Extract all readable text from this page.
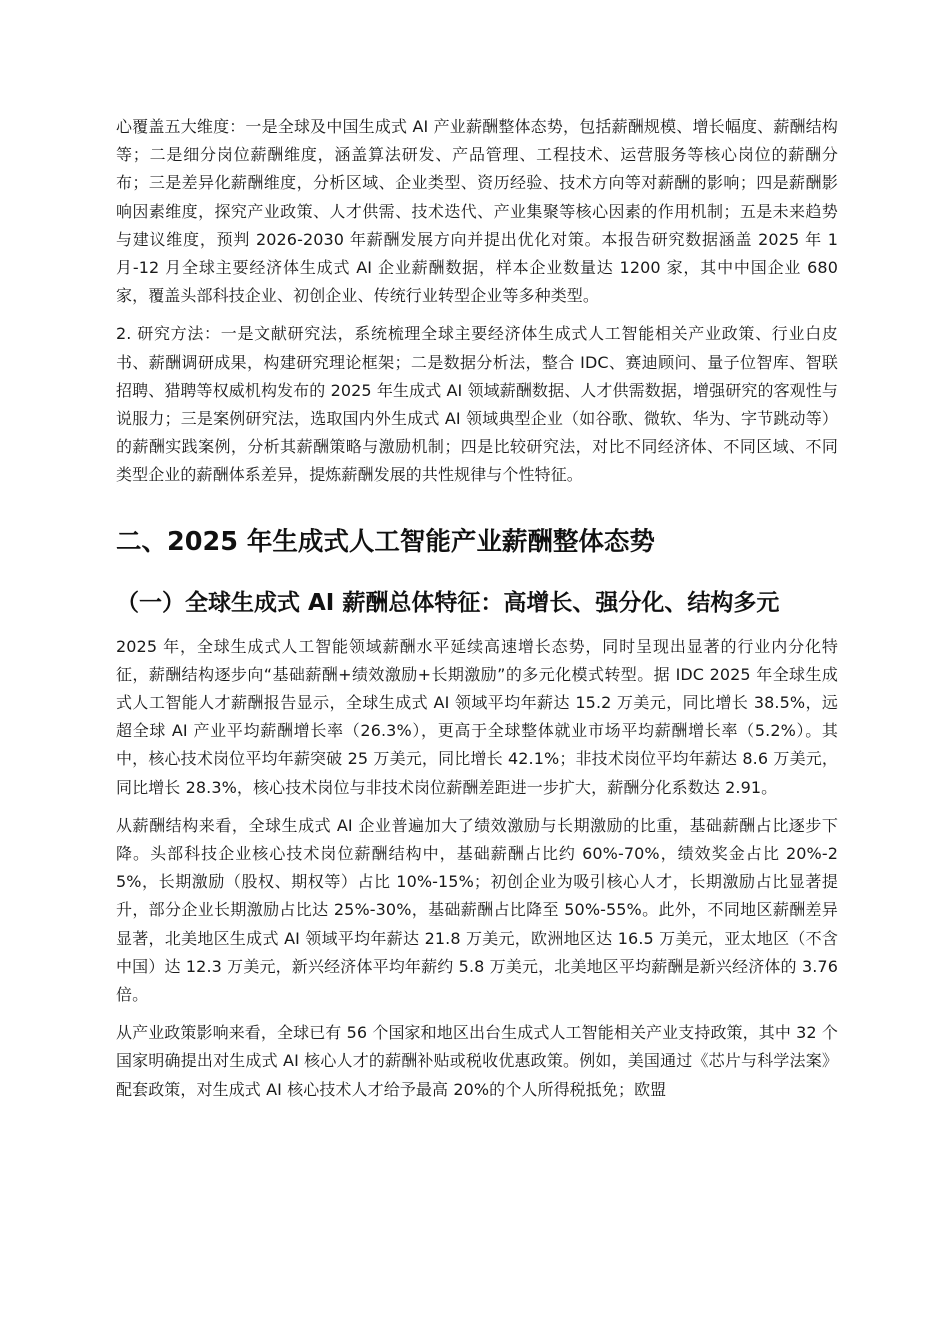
心覆盖五大维度：一是全球及中国生成式 AI 产业薪酬整体态势，包括薪酬规模、增长幅度、薪酬结构等；二是细分岗位薪酬维度，涵盖算法研发、产品管理、工程技术、运营服务等核心岗位的薪酬分布；三是差异化薪酬维度，分析区域、企业类型、资历经验、技术方向等对薪酬的影响；四是薪酬影响因素维度，探究产业政策、人才供需、技术迭代、产业集聚等核心因素的作用机制；五是未来趋势与建议维度，预判 2026-2030 年薪酬发展方向并提出优化对策。本报告研究数据涵盖 2025 年 1 月-12 月全球主要经济体生成式 AI 企业薪酬数据，样本企业数量达 1200 家，其中中国企业 680 家，覆盖头部科技企业、初创企业、传统行业转型企业等多种类型。

2. 研究方法：一是文献研究法，系统梳理全球主要经济体生成式人工智能相关产业政策、行业白皮书、薪酬调研成果，构建研究理论框架；二是数据分析法，整合 IDC、赛迪顾问、量子位智库、智联招聘、猎聘等权威机构发布的 2025 年生成式 AI 领域薪酬数据、人才供需数据，增强研究的客观性与说服力；三是案例研究法，选取国内外生成式 AI 领域典型企业（如谷歌、微软、华为、字节跳动等）的薪酬实践案例，分析其薪酬策略与激励机制；四是比较研究法，对比不同经济体、不同区域、不同类型企业的薪酬体系差异，提炼薪酬发展的共性规律与个性特征。

二、2025 年生成式人工智能产业薪酬整体态势
（一）全球生成式 AI 薪酬总体特征：高增长、强分化、结构多元

2025 年，全球生成式人工智能领域薪酬水平延续高速增长态势，同时呈现出显著的行业内分化特征，薪酬结构逐步向“基础薪酬+绩效激励+长期激励”的多元化模式转型。据 IDC 2025 年全球生成式人工智能人才薪酬报告显示，全球生成式 AI 领域平均年薪达 15.2 万美元，同比增长 38.5%，远超全球 AI 产业平均薪酬增长率（26.3%），更高于全球整体就业市场平均薪酬增长率（5.2%）。其中，核心技术岗位平均年薪突破 25 万美元，同比增长 42.1%；非技术岗位平均年薪达 8.6 万美元，同比增长 28.3%，核心技术岗位与非技术岗位薪酬差距进一步扩大，薪酬分化系数达 2.91。

从薪酬结构来看，全球生成式 AI 企业普遍加大了绩效激励与长期激励的比重，基础薪酬占比逐步下降。头部科技企业核心技术岗位薪酬结构中，基础薪酬占比约 60%-70%，绩效奖金占比 20%-25%，长期激励（股权、期权等）占比 10%-15%；初创企业为吸引核心人才，长期激励占比显著提升，部分企业长期激励占比达 25%-30%，基础薪酬占比降至 50%-55%。此外，不同地区薪酬差异显著，北美地区生成式 AI 领域平均年薪达 21.8 万美元，欧洲地区达 16.5 万美元，亚太地区（不含中国）达 12.3 万美元，新兴经济体平均年薪约 5.8 万美元，北美地区平均薪酬是新兴经济体的 3.76 倍。

从产业政策影响来看，全球已有 56 个国家和地区出台生成式人工智能相关产业支持政策，其中 32 个国家明确提出对生成式 AI 核心人才的薪酬补贴或税收优惠政策。例如，美国通过《芯片与科学法案》配套政策，对生成式 AI 核心技术人才给予最高 20%的个人所得税抵免；欧盟
